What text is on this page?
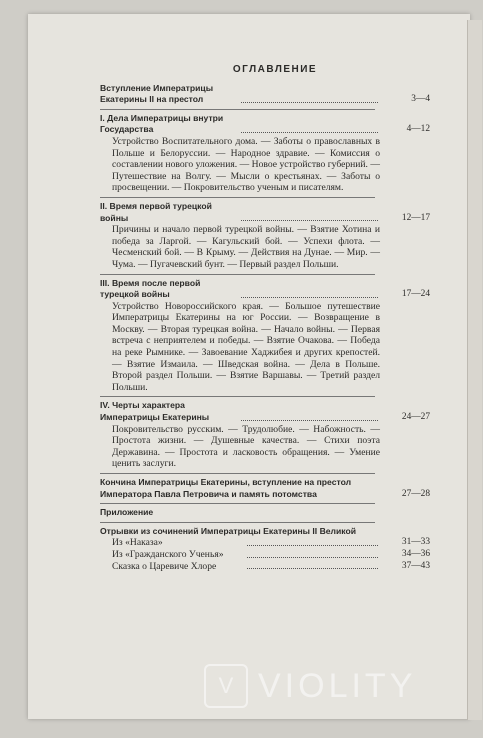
ОГЛАВЛЕНИЕ
Вступление Императрицы Екатерины II на престол	3—4
I. Дела Императрицы внутри Государства	4—12
Устройство Воспитательного дома. — Заботы о православных в Польше и Белоруссии. — Народное здравие. — Комиссия о составлении нового уложения. — Новое устройство губерний. — Путешествие на Волгу. — Мысли о крестьянах. — Заботы о просвещении. — Покровительство ученым и писателям.
II. Время первой турецкой войны	12—17
Причины и начало первой турецкой войны. — Взятие Хотина и победа за Ларгой. — Кагульский бой. — Успехи флота. — Чесменский бой. — В Крыму. — Действия на Дунае. — Мир. — Чума. — Пугачевский бунт. — Первый раздел Польши.
III. Время после первой турецкой войны	17—24
Устройство Новороссийского края. — Большое путешествие Императрицы Екатерины на юг России. — Возвращение в Москву. — Вторая турецкая война. — Начало войны. — Первая встреча с неприятелем и победы. — Взятие Очакова. — Победа на реке Рымнике. — Завоевание Хаджибея и других крепостей. — Взятие Измаила. — Шведская война. — Дела в Польше. Второй раздел Польши. — Взятие Варшавы. — Третий раздел Польши.
IV. Черты характера Императрицы Екатерины	24—27
Покровительство русским. — Трудолюбие. — Набожность. — Простота жизни. — Душевные качества. — Стихи поэта Державина. — Простота и ласковость обращения. — Умение ценить заслуги.
Кончина Императрицы Екатерины, вступление на престол Императора Павла Петровича и память потомства	27—28
Приложение
Отрывки из сочинений Императрицы Екатерины II Великой
Из «Наказа»	31—33
Из «Гражданского Ученья»	34—36
Сказка о Царевиче Хлоре	37—43
V VIOLITY
